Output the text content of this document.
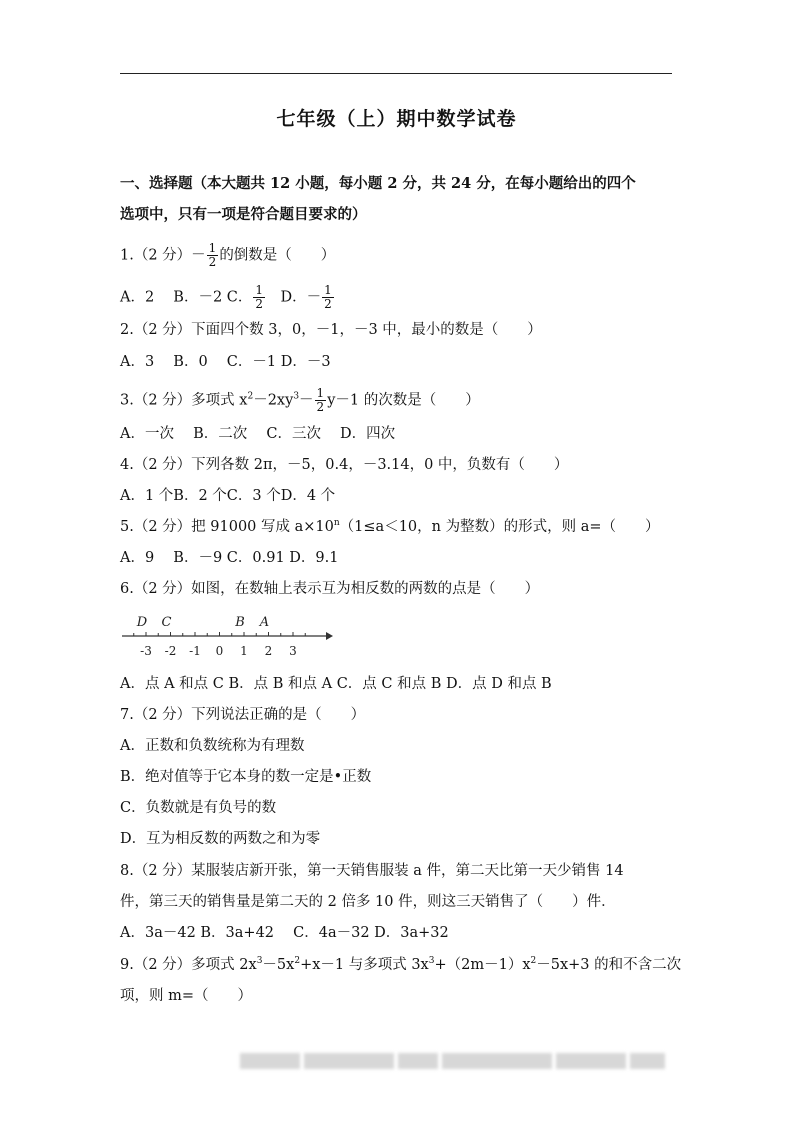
七年级（上）期中数学试卷
一、选择题（本大题共 12 小题，每小题 2 分，共 24 分，在每小题给出的四个
选项中，只有一项是符合题目要求的）
1.（2 分）－ $\frac{1}{2}$ 的倒数是（　　）
A．2　 B．－2 C． $\frac{1}{2}$ 　D．－ $\frac{1}{2}$
2.（2 分）下面四个数 3，0，－1，－3 中，最小的数是（　　）
A．3　 B．0　 C．－1 D．－3
3.（2 分）多项式 $x^2-2xy^3- \frac{1}{2} y-1$ 的次数是（　　）
A．一次　 B．二次　 C．三次　 D．四次
4.（2 分）下列各数 2π，－5，0.4，－3.14，0 中，负数有（　　）
A．1 个B．2 个C．3 个D．4 个
5.（2 分）把 91000 写成 $a\times 10^n(1\le a<10$，n 为整数）的形式，则 a=（　　）
A．9　 B．－9 C．0.91 D．9.1
6.（2 分）如图，在数轴上表示互为相反数的两数的点是（　　）
-3 -2 -1 0 1 2 3
D C	B A
A．点 A 和点 C B．点 B 和点 A C．点 C 和点 B D．点 D 和点 B
7.（2 分）下列说法正确的是（　　）
A．正数和负数统称为有理数
B．绝对值等于它本身的数一定是•正数
C．负数就是有负号的数
D．互为相反数的两数之和为零
8.（2 分）某服装店新开张，第一天销售服装 a 件，第二天比第一天少销售 14
件，第三天的销售量是第二天的 2 倍多 10 件，则这三天销售了（　　）件．
A．3a－42 B．3a+42　 C．4a－32 D．3a+32
9.（2 分）多项式 $2x^3-5x^2+x-1$ 与多项式 $3x^3+(2m-1)x^2-5x+3$ 的和不含二次
项，则 m=（　　）
